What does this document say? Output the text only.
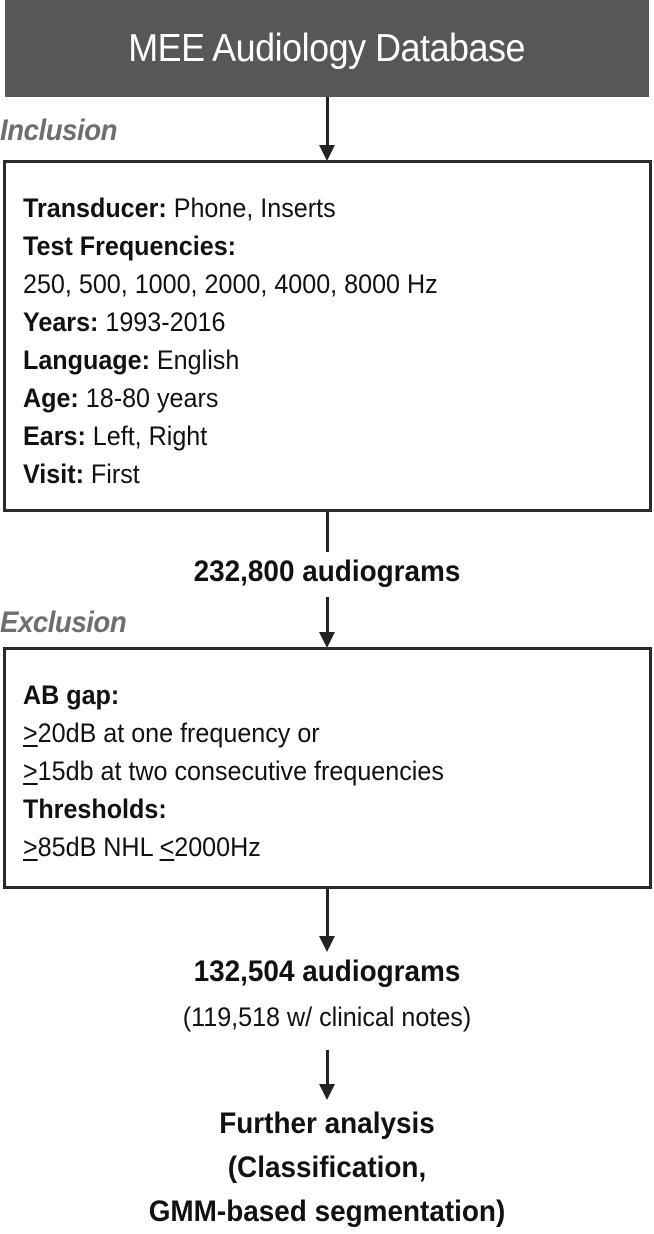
MEE Audiology Database
Inclusion
Transducer: Phone, Inserts
Test Frequencies:
250, 500, 1000, 2000, 4000, 8000 Hz
Years: 1993-2016
Language: English
Age: 18-80 years
Ears: Left, Right
Visit: First
232,800 audiograms
Exclusion
AB gap:
>20dB at one frequency or
>15db at two consecutive frequencies
Thresholds:
>85dB NHL <2000Hz
132,504 audiograms
(119,518 w/ clinical notes)
Further analysis
(Classification,
GMM-based segmentation)
